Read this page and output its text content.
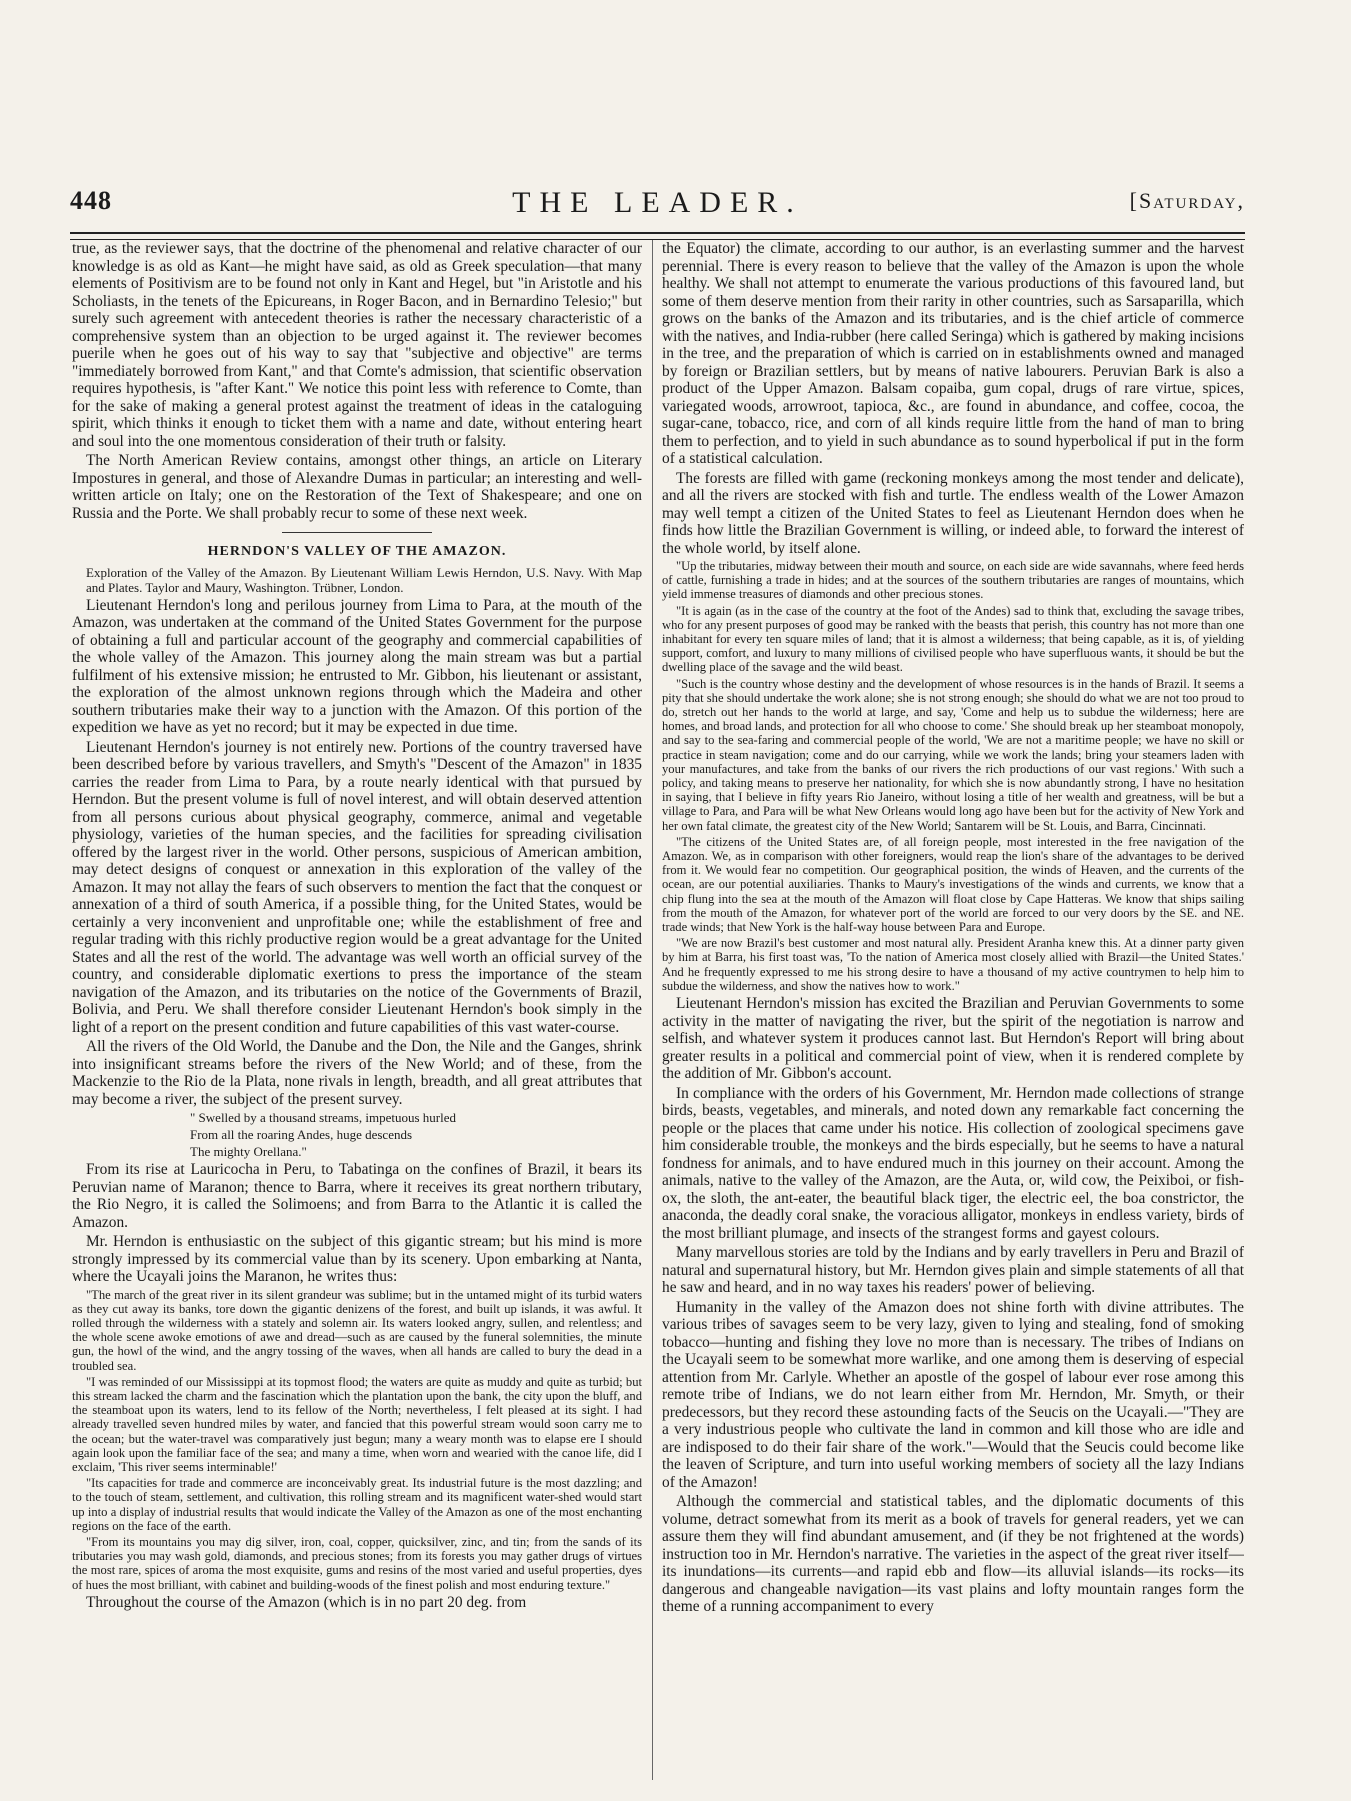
448	THE LEADER.	[Saturday,

true, as the reviewer says, that the doctrine of the phenomenal and relative character of our knowledge is as old as Kant—he might have said, as old as Greek speculation—that many elements of Positivism are to be found not only in Kant and Hegel, but "in Aristotle and his Scholiasts, in the tenets of the Epicureans, in Roger Bacon, and in Bernardino Telesio;" but surely such agreement with antecedent theories is rather the necessary characteristic of a comprehensive system than an objection to be urged against it. The reviewer becomes puerile when he goes out of his way to say that "subjective and objective" are terms "immediately borrowed from Kant," and that Comte's admission, that scientific observation requires hypothesis, is "after Kant." We notice this point less with reference to Comte, than for the sake of making a general protest against the treatment of ideas in the cataloguing spirit, which thinks it enough to ticket them with a name and date, without entering heart and soul into the one momentous consideration of their truth or falsity.

The North American Review contains, amongst other things, an article on Literary Impostures in general, and those of Alexandre Dumas in particular; an interesting and well-written article on Italy; one on the Restoration of the Text of Shakespeare; and one on Russia and the Porte. We shall probably recur to some of these next week.

HERNDON'S VALLEY OF THE AMAZON.

Exploration of the Valley of the Amazon. By Lieutenant William Lewis Herndon, U.S. Navy. With Map and Plates. Taylor and Maury, Washington. Trübner, London.

Lieutenant Herndon's long and perilous journey from Lima to Para, at the mouth of the Amazon, was undertaken at the command of the United States Government for the purpose of obtaining a full and particular account of the geography and commercial capabilities of the whole valley of the Amazon. This journey along the main stream was but a partial fulfilment of his extensive mission; he entrusted to Mr. Gibbon, his lieutenant or assistant, the exploration of the almost unknown regions through which the Madeira and other southern tributaries make their way to a junction with the Amazon. Of this portion of the expedition we have as yet no record; but it may be expected in due time.

Lieutenant Herndon's journey is not entirely new. Portions of the country traversed have been described before by various travellers, and Smyth's "Descent of the Amazon" in 1835 carries the reader from Lima to Para, by a route nearly identical with that pursued by Herndon. But the present volume is full of novel interest, and will obtain deserved attention from all persons curious about physical geography, commerce, animal and vegetable physiology, varieties of the human species, and the facilities for spreading civilisation offered by the largest river in the world. Other persons, suspicious of American ambition, may detect designs of conquest or annexation in this exploration of the valley of the Amazon. It may not allay the fears of such observers to mention the fact that the conquest or annexation of a third of south America, if a possible thing, for the United States, would be certainly a very inconvenient and unprofitable one; while the establishment of free and regular trading with this richly productive region would be a great advantage for the United States and all the rest of the world. The advantage was well worth an official survey of the country, and considerable diplomatic exertions to press the importance of the steam navigation of the Amazon, and its tributaries on the notice of the Governments of Brazil, Bolivia, and Peru. We shall therefore consider Lieutenant Herndon's book simply in the light of a report on the present condition and future capabilities of this vast water-course.

All the rivers of the Old World, the Danube and the Don, the Nile and the Ganges, shrink into insignificant streams before the rivers of the New World; and of these, from the Mackenzie to the Rio de la Plata, none rivals in length, breadth, and all great attributes that may become a river, the subject of the present survey.

" Swelled by a thousand streams, impetuous hurled

From all the roaring Andes, huge descends

The mighty Orellana."

From its rise at Lauricocha in Peru, to Tabatinga on the confines of Brazil, it bears its Peruvian name of Maranon; thence to Barra, where it receives its great northern tributary, the Rio Negro, it is called the Solimoens; and from Barra to the Atlantic it is called the Amazon.

Mr. Herndon is enthusiastic on the subject of this gigantic stream; but his mind is more strongly impressed by its commercial value than by its scenery. Upon embarking at Nanta, where the Ucayali joins the Maranon, he writes thus:

"The march of the great river in its silent grandeur was sublime; but in the untamed might of its turbid waters as they cut away its banks, tore down the gigantic denizens of the forest, and built up islands, it was awful. It rolled through the wilderness with a stately and solemn air. Its waters looked angry, sullen, and relentless; and the whole scene awoke emotions of awe and dread—such as are caused by the funeral solemnities, the minute gun, the howl of the wind, and the angry tossing of the waves, when all hands are called to bury the dead in a troubled sea.

"I was reminded of our Mississippi at its topmost flood; the waters are quite as muddy and quite as turbid; but this stream lacked the charm and the fascination which the plantation upon the bank, the city upon the bluff, and the steamboat upon its waters, lend to its fellow of the North; nevertheless, I felt pleased at its sight. I had already travelled seven hundred miles by water, and fancied that this powerful stream would soon carry me to the ocean; but the water-travel was comparatively just begun; many a weary month was to elapse ere I should again look upon the familiar face of the sea; and many a time, when worn and wearied with the canoe life, did I exclaim, 'This river seems interminable!'

"Its capacities for trade and commerce are inconceivably great. Its industrial future is the most dazzling; and to the touch of steam, settlement, and cultivation, this rolling stream and its magnificent water-shed would start up into a display of industrial results that would indicate the Valley of the Amazon as one of the most enchanting regions on the face of the earth.

"From its mountains you may dig silver, iron, coal, copper, quicksilver, zinc, and tin; from the sands of its tributaries you may wash gold, diamonds, and precious stones; from its forests you may gather drugs of virtues the most rare, spices of aroma the most exquisite, gums and resins of the most varied and useful properties, dyes of hues the most brilliant, with cabinet and building-woods of the finest polish and most enduring texture."

Throughout the course of the Amazon (which is in no part 20 deg. from

the Equator) the climate, according to our author, is an everlasting summer and the harvest perennial. There is every reason to believe that the valley of the Amazon is upon the whole healthy. We shall not attempt to enumerate the various productions of this favoured land, but some of them deserve mention from their rarity in other countries, such as Sarsaparilla, which grows on the banks of the Amazon and its tributaries, and is the chief article of commerce with the natives, and India-rubber (here called Seringa) which is gathered by making incisions in the tree, and the preparation of which is carried on in establishments owned and managed by foreign or Brazilian settlers, but by means of native labourers. Peruvian Bark is also a product of the Upper Amazon. Balsam copaiba, gum copal, drugs of rare virtue, spices, variegated woods, arrowroot, tapioca, &c., are found in abundance, and coffee, cocoa, the sugar-cane, tobacco, rice, and corn of all kinds require little from the hand of man to bring them to perfection, and to yield in such abundance as to sound hyperbolical if put in the form of a statistical calculation.

The forests are filled with game (reckoning monkeys among the most tender and delicate), and all the rivers are stocked with fish and turtle. The endless wealth of the Lower Amazon may well tempt a citizen of the United States to feel as Lieutenant Herndon does when he finds how little the Brazilian Government is willing, or indeed able, to forward the interest of the whole world, by itself alone.

"Up the tributaries, midway between their mouth and source, on each side are wide savannahs, where feed herds of cattle, furnishing a trade in hides; and at the sources of the southern tributaries are ranges of mountains, which yield immense treasures of diamonds and other precious stones.

"It is again (as in the case of the country at the foot of the Andes) sad to think that, excluding the savage tribes, who for any present purposes of good may be ranked with the beasts that perish, this country has not more than one inhabitant for every ten square miles of land; that it is almost a wilderness; that being capable, as it is, of yielding support, comfort, and luxury to many millions of civilised people who have superfluous wants, it should be but the dwelling place of the savage and the wild beast.

"Such is the country whose destiny and the development of whose resources is in the hands of Brazil. It seems a pity that she should undertake the work alone; she is not strong enough; she should do what we are not too proud to do, stretch out her hands to the world at large, and say, 'Come and help us to subdue the wilderness; here are homes, and broad lands, and protection for all who choose to come.' She should break up her steamboat monopoly, and say to the sea-faring and commercial people of the world, 'We are not a maritime people; we have no skill or practice in steam navigation; come and do our carrying, while we work the lands; bring your steamers laden with your manufactures, and take from the banks of our rivers the rich productions of our vast regions.' With such a policy, and taking means to preserve her nationality, for which she is now abundantly strong, I have no hesitation in saying, that I believe in fifty years Rio Janeiro, without losing a title of her wealth and greatness, will be but a village to Para, and Para will be what New Orleans would long ago have been but for the activity of New York and her own fatal climate, the greatest city of the New World; Santarem will be St. Louis, and Barra, Cincinnati.

"The citizens of the United States are, of all foreign people, most interested in the free navigation of the Amazon. We, as in comparison with other foreigners, would reap the lion's share of the advantages to be derived from it. We would fear no competition. Our geographical position, the winds of Heaven, and the currents of the ocean, are our potential auxiliaries. Thanks to Maury's investigations of the winds and currents, we know that a chip flung into the sea at the mouth of the Amazon will float close by Cape Hatteras. We know that ships sailing from the mouth of the Amazon, for whatever port of the world are forced to our very doors by the SE. and NE. trade winds; that New York is the half-way house between Para and Europe.

"We are now Brazil's best customer and most natural ally. President Aranha knew this. At a dinner party given by him at Barra, his first toast was, 'To the nation of America most closely allied with Brazil—the United States.' And he frequently expressed to me his strong desire to have a thousand of my active countrymen to help him to subdue the wilderness, and show the natives how to work."

Lieutenant Herndon's mission has excited the Brazilian and Peruvian Governments to some activity in the matter of navigating the river, but the spirit of the negotiation is narrow and selfish, and whatever system it produces cannot last. But Herndon's Report will bring about greater results in a political and commercial point of view, when it is rendered complete by the addition of Mr. Gibbon's account.

In compliance with the orders of his Government, Mr. Herndon made collections of strange birds, beasts, vegetables, and minerals, and noted down any remarkable fact concerning the people or the places that came under his notice. His collection of zoological specimens gave him considerable trouble, the monkeys and the birds especially, but he seems to have a natural fondness for animals, and to have endured much in this journey on their account. Among the animals, native to the valley of the Amazon, are the Auta, or, wild cow, the Peixiboi, or fish-ox, the sloth, the ant-eater, the beautiful black tiger, the electric eel, the boa constrictor, the anaconda, the deadly coral snake, the voracious alligator, monkeys in endless variety, birds of the most brilliant plumage, and insects of the strangest forms and gayest colours.

Many marvellous stories are told by the Indians and by early travellers in Peru and Brazil of natural and supernatural history, but Mr. Herndon gives plain and simple statements of all that he saw and heard, and in no way taxes his readers' power of believing.

Humanity in the valley of the Amazon does not shine forth with divine attributes. The various tribes of savages seem to be very lazy, given to lying and stealing, fond of smoking tobacco—hunting and fishing they love no more than is necessary. The tribes of Indians on the Ucayali seem to be somewhat more warlike, and one among them is deserving of especial attention from Mr. Carlyle. Whether an apostle of the gospel of labour ever rose among this remote tribe of Indians, we do not learn either from Mr. Herndon, Mr. Smyth, or their predecessors, but they record these astounding facts of the Seucis on the Ucayali.—"They are a very industrious people who cultivate the land in common and kill those who are idle and are indisposed to do their fair share of the work."—Would that the Seucis could become like the leaven of Scripture, and turn into useful working members of society all the lazy Indians of the Amazon!

Although the commercial and statistical tables, and the diplomatic documents of this volume, detract somewhat from its merit as a book of travels for general readers, yet we can assure them they will find abundant amusement, and (if they be not frightened at the words) instruction too in Mr. Herndon's narrative. The varieties in the aspect of the great river itself—its inundations—its currents—and rapid ebb and flow—its alluvial islands—its rocks—its dangerous and changeable navigation—its vast plains and lofty mountain ranges form the theme of a running accompaniment to every
